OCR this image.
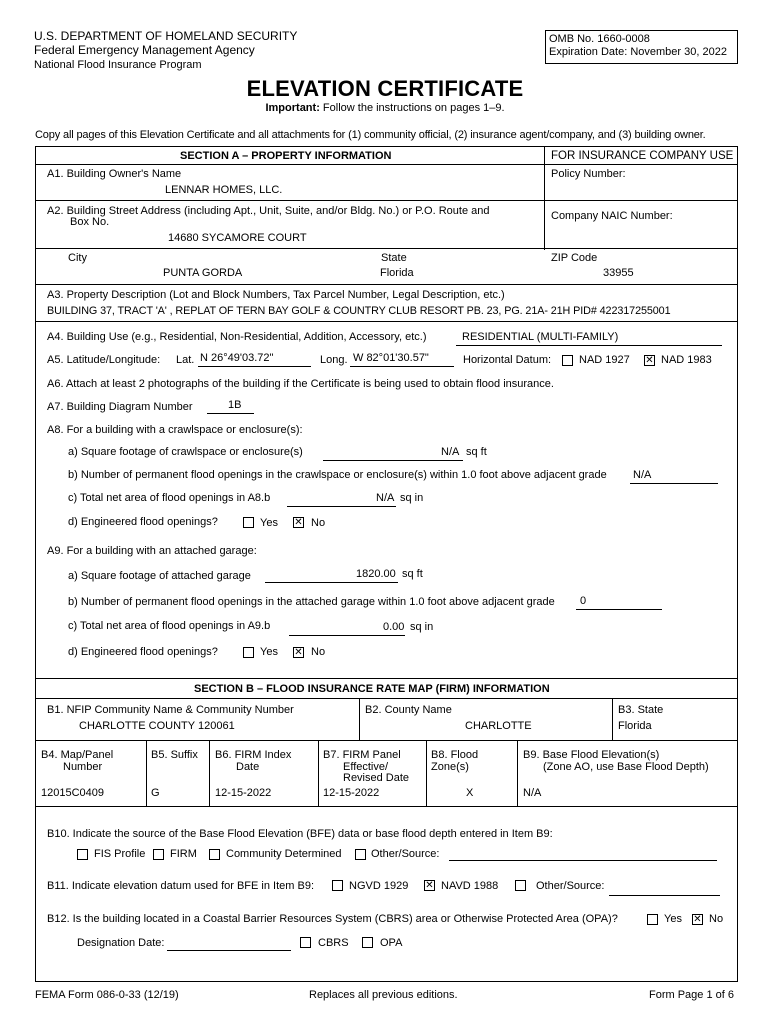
U.S. DEPARTMENT OF HOMELAND SECURITY
Federal Emergency Management Agency
National Flood Insurance Program
OMB No. 1660-0008
Expiration Date: November 30, 2022
ELEVATION CERTIFICATE
Important: Follow the instructions on pages 1–9.
Copy all pages of this Elevation Certificate and all attachments for (1) community official, (2) insurance agent/company, and (3) building owner.
SECTION A – PROPERTY INFORMATION	FOR INSURANCE COMPANY USE
A1. Building Owner's Name
LENNAR HOMES, LLC.
Policy Number:
A2. Building Street Address (including Apt., Unit, Suite, and/or Bldg. No.) or P.O. Route and
Box No.
14680 SYCAMORE COURT
Company NAIC Number:
City
PUNTA GORDA
State
Florida
ZIP Code
33955
A3. Property Description (Lot and Block Numbers, Tax Parcel Number, Legal Description, etc.)
BUILDING 37, TRACT 'A' , REPLAT OF TERN BAY GOLF & COUNTRY CLUB RESORT PB. 23, PG. 21A- 21H PID# 422317255001
A4. Building Use (e.g., Residential, Non-Residential, Addition, Accessory, etc.)	RESIDENTIAL (MULTI-FAMILY)
A5. Latitude/Longitude: Lat. N 26°49'03.72"	Long. W 82°01'30.57"	Horizontal Datum:	NAD 1927 ✕ NAD 1983
A6. Attach at least 2 photographs of the building if the Certificate is being used to obtain flood insurance.
A7. Building Diagram Number	1B
A8. For a building with a crawlspace or enclosure(s):
a) Square footage of crawlspace or enclosure(s)	N/A sq ft
b) Number of permanent flood openings in the crawlspace or enclosure(s) within 1.0 foot above adjacent grade N/A
c) Total net area of flood openings in A8.b	N/A sq in
d) Engineered flood openings?	Yes ✕ No
A9. For a building with an attached garage:
a) Square footage of attached garage	1820.00 sq ft
b) Number of permanent flood openings in the attached garage within 1.0 foot above adjacent grade 0
c) Total net area of flood openings in A9.b	0.00 sq in
d) Engineered flood openings?	Yes ✕ No
SECTION B – FLOOD INSURANCE RATE MAP (FIRM) INFORMATION
B1. NFIP Community Name & Community Number
CHARLOTTE COUNTY 120061
B2. County Name
CHARLOTTE
B3. State
Florida
B4. Map/Panel
Number
12015C0409
B5. Suffix
G
B6. FIRM Index
Date
12-15-2022
B7. FIRM Panel
Effective/
Revised Date
12-15-2022
B8. Flood
Zone(s)
X
B9. Base Flood Elevation(s)
(Zone AO, use Base Flood Depth)
N/A
B10. Indicate the source of the Base Flood Elevation (BFE) data or base flood depth entered in Item B9:
FIS Profile FIRM	Community Determined	Other/Source:
B11. Indicate elevation datum used for BFE in Item B9:	NGVD 1929 ✕ NAVD 1988	Other/Source:
B12. Is the building located in a Coastal Barrier Resources System (CBRS) area or Otherwise Protected Area (OPA)?	Yes ✕ No
Designation Date:	CBRS	OPA
FEMA Form 086-0-33 (12/19)	Replaces all previous editions.	Form Page 1 of 6
